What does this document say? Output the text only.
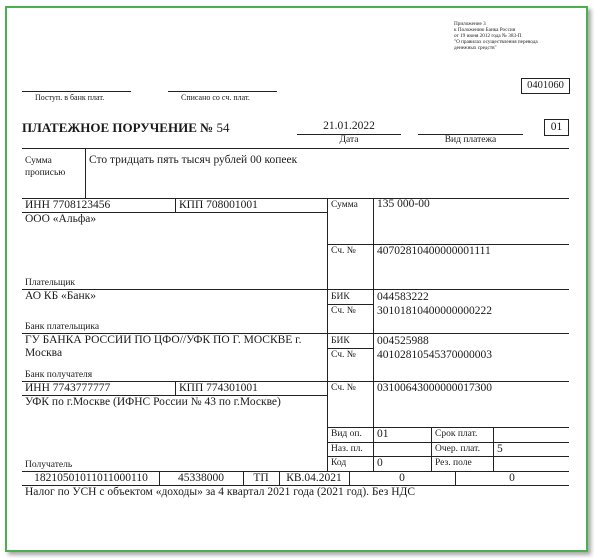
Приложение 3
к Положению Банка России
от 19 июня 2012 года № 383-П
"О правилах осуществления перевода
денежных средств"
0401060
Поступ. в банк плат.	Списано со сч. плат.
ПЛАТЕЖНОЕ ПОРУЧЕНИЕ № 54	21.01.2022
Дата	Вид платежа
01
Сумма
прописью
Сто тридцать пять тысяч рублей 00 копеек
ИНН 7708123456	КПП 708001001
ООО «Альфа»
Сумма 135 000-00
Сч. № 40702810400000001111
Плательщик
АО КБ «Банк»	БИК 044583222
Сч. № 30101810400000000222
Банк плательщика
ГУ БАНКА РОССИИ ПО ЦФО//УФК ПО Г. МОСКВЕ г.
Москва
БИК 004525988
Сч. № 40102810545370000003
Банк получателя
ИНН 7743777777	КПП 774301001
УФК по г.Москве (ИФНС России № 43 по г.Москве)
Сч. № 03100643000000017300
Вид оп. 01	Срок плат.
Наз. пл.	Очер. плат. 5
Код	0	Рез. поле
Получатель
18210501011011000110	45338000	ТП	КВ.04.2021	0	0
Налог по УСН с объектом «доходы» за 4 квартал 2021 года (2021 год). Без НДС
